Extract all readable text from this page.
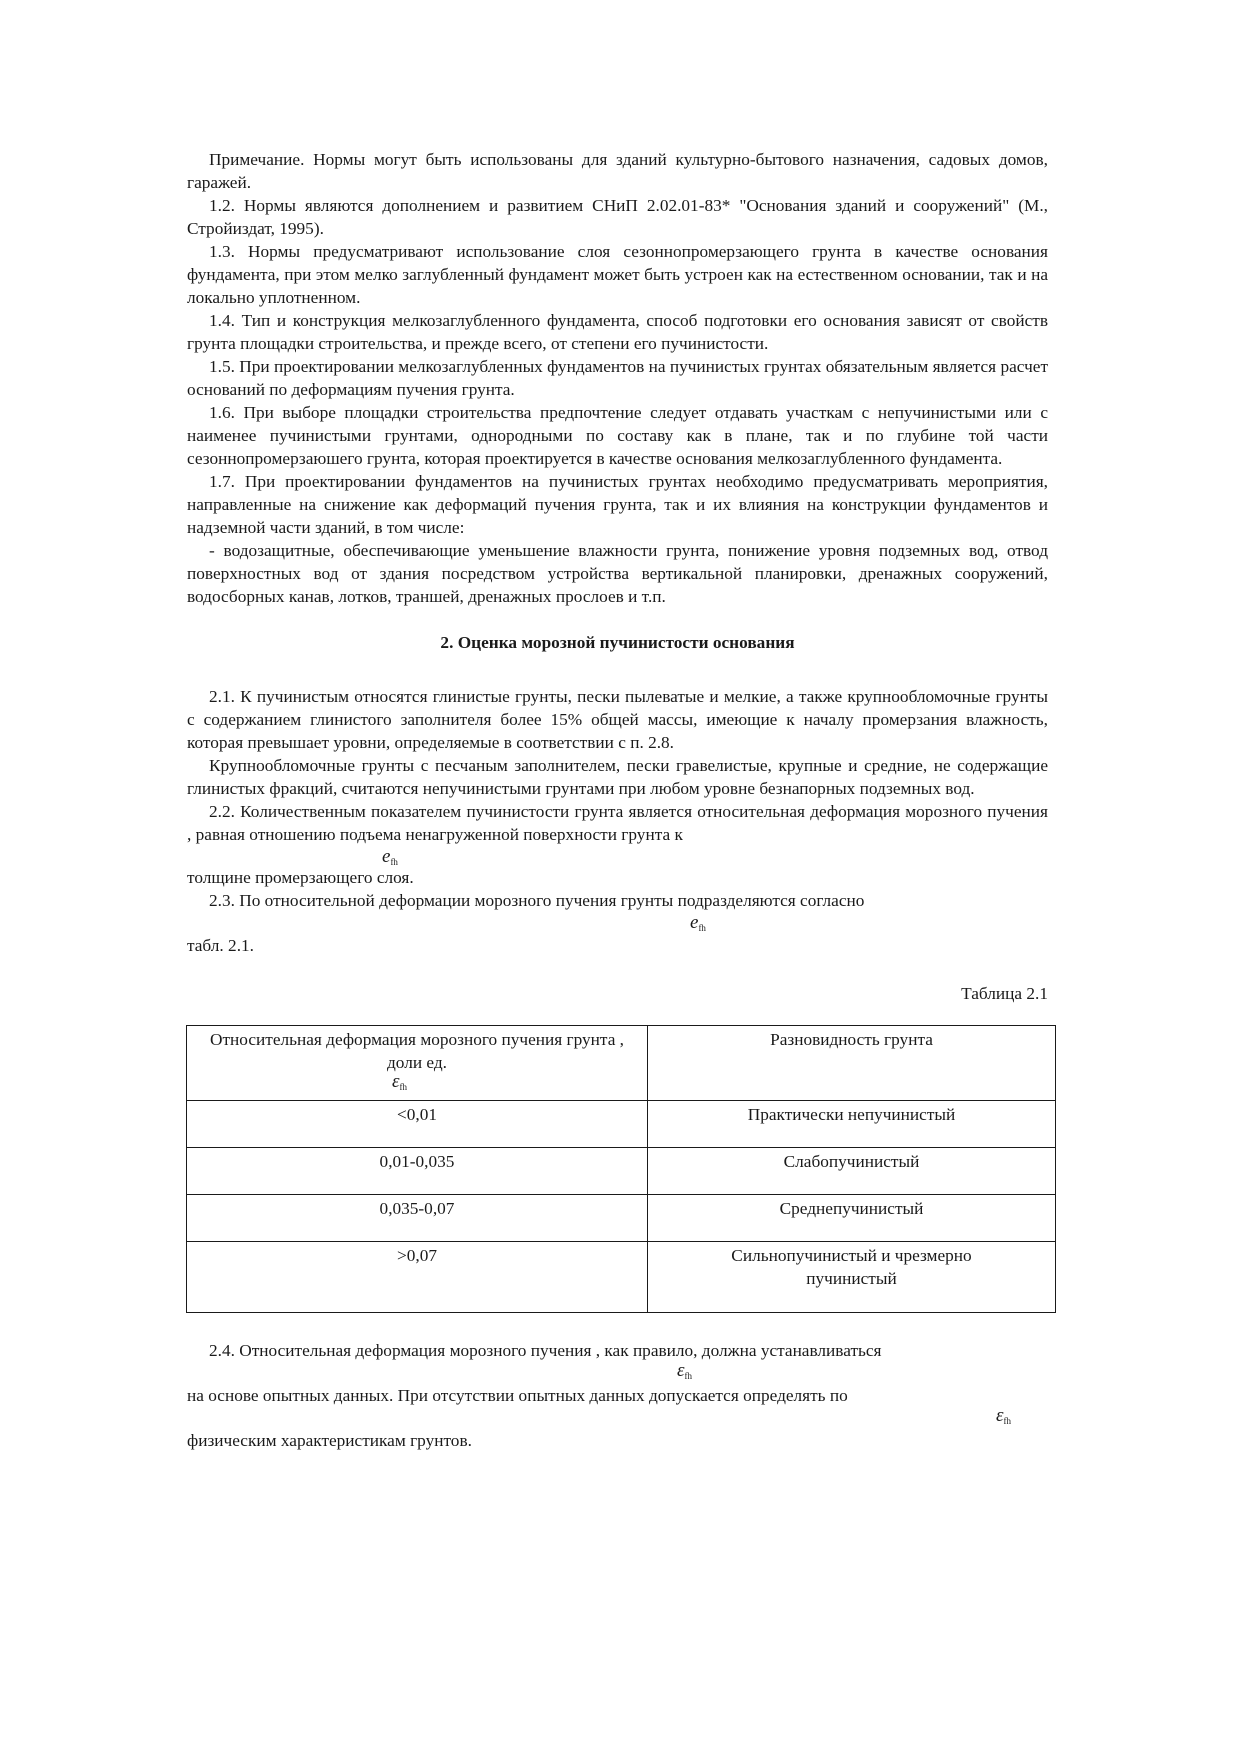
Примечание. Нормы могут быть использованы для зданий культурно-бытового назначения, садовых домов, гаражей.

1.2. Нормы являются дополнением и развитием СНиП 2.02.01-83* "Основания зданий и сооружений" (М., Стройиздат, 1995).

1.3. Нормы предусматривают использование слоя сезоннопромерзающего грунта в качестве основания фундамента, при этом мелко заглубленный фундамент может быть устроен как на естественном основании, так и на локально уплотненном.

1.4. Тип и конструкция мелкозаглубленного фундамента, способ подготовки его основания зависят от свойств грунта площадки строительства, и прежде всего, от степени его пучинистости.

1.5. При проектировании мелкозаглубленных фундаментов на пучинистых грунтах обязательным является расчет оснований по деформациям пучения грунта.

1.6. При выборе площадки строительства предпочтение следует отдавать участкам с непучинистыми или с наименее пучинистыми грунтами, однородными по составу как в плане, так и по глубине той части сезоннопромерзаюшего грунта, которая проектируется в качестве основания мелкозаглубленного фундамента.

1.7. При проектировании фундаментов на пучинистых грунтах необходимо предусматривать мероприятия, направленные на снижение как деформаций пучения грунта, так и их влияния на конструкции фундаментов и надземной части зданий, в том числе:

- водозащитные, обеспечивающие уменьшение влажности грунта, понижение уровня подземных вод, отвод поверхностных вод от здания посредством устройства вертикальной планировки, дренажных сооружений, водосборных канав, лотков, траншей, дренажных прослоев и т.п.

2. Оценка морозной пучинистости основания

2.1. К пучинистым относятся глинистые грунты, пески пылеватые и мелкие, а также крупнообломочные грунты с содержанием глинистого заполнителя более 15% общей массы, имеющие к началу промерзания влажность, которая превышает уровни, определяемые в соответствии с п. 2.8.

Крупнообломочные грунты с песчаным заполнителем, пески гравелистые, крупные и средние, не содержащие глинистых фракций, считаются непучинистыми грунтами при любом уровне безнапорных подземных вод.

2.2. Количественным показателем пучинистости грунта является относительная деформация морозного пучения , равная отношению подъема ненагруженной поверхности грунта к

$e_{fh}$

толщине промерзающего слоя.

2.3. По относительной деформации морозного пучения грунты подразделяются согласно

$e_{fh}$

табл. 2.1.

Таблица 2.1

Относительная деформация морозного пучения грунта , доли ед.
$\varepsilon_{fh}$	Разновидность грунта
<0,01	Практически непучинистый
0,01-0,035	Слабопучинистый
0,035-0,07	Среднепучинистый
>0,07	Сильнопучинистый и чрезмерно пучинистый

2.4. Относительная деформация морозного пучения , как правило, должна устанавливаться

$\varepsilon_{fh}$

на основе опытных данных. При отсутствии опытных данных допускается определять по

$\varepsilon_{fh}$

физическим характеристикам грунтов.
